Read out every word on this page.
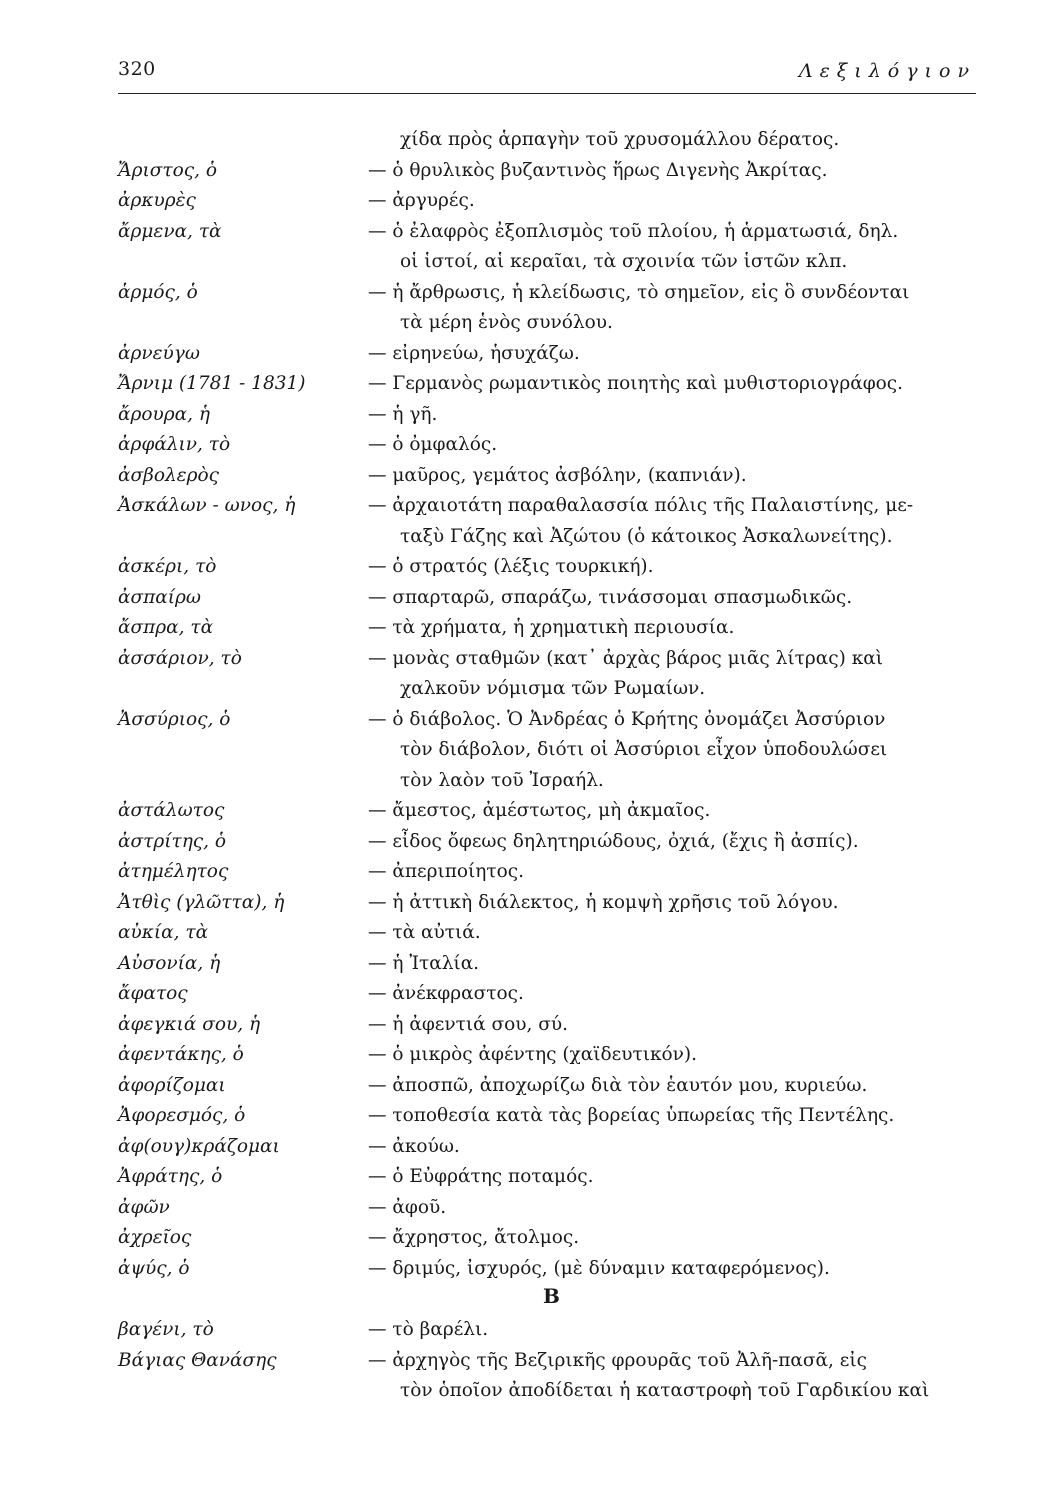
320	Λεξιλόγιον
χίδα πρὸς ἁρπαγὴν τοῦ χρυσομάλλου δέρατος.
Ἄριστος, ὁ	— ὁ θρυλικὸς βυζαντινὸς ἥρως Διγενὴς Ἀκρίτας.
ἀρκυρὲς	— ἀργυρές.
ἄρμενα, τὰ	— ὁ ἐλαφρὸς ἐξοπλισμὸς τοῦ πλοίου, ἡ ἁρματωσιά, δηλ.
οἱ ἱστοί, αἱ κεραῖαι, τὰ σχοινία τῶν ἱστῶν κλπ.
ἁρμός, ὁ	— ἡ ἄρθρωσις, ἡ κλείδωσις, τὸ σημεῖον, εἰς ὃ συνδέονται
τὰ μέρη ἑνὸς συνόλου.
ἀρνεύγω	— εἰρηνεύω, ἡσυχάζω.
Ἄρνιμ (1781 - 1831)	— Γερμανὸς ρωμαντικὸς ποιητὴς καὶ μυθιστοριογράφος.
ἄρουρα, ἡ	— ἡ γῆ.
ἀρφάλιν, τὸ	— ὁ ὀμφαλός.
ἀσβολερὸς	— μαῦρος, γεμάτος ἀσβόλην, (καπνιάν).
Ἀσκάλων - ωνος, ἡ	— ἀρχαιοτάτη παραθαλασσία πόλις τῆς Παλαιστίνης, με-
ταξὺ Γάζης καὶ Ἀζώτου (ὁ κάτοικος Ἀσκαλωνείτης).
ἀσκέρι, τὸ	— ὁ στρατός (λέξις τουρκική).
ἀσπαίρω	— σπαρταρῶ, σπαράζω, τινάσσομαι σπασμωδικῶς.
ἄσπρα, τὰ	— τὰ χρήματα, ἡ χρηματικὴ περιουσία.
ἀσσάριον, τὸ	— μονὰς σταθμῶν (κατ᾿ ἀρχὰς βάρος μιᾶς λίτρας) καὶ
χαλκοῦν νόμισμα τῶν Ρωμαίων.
Ἀσσύριος, ὁ	— ὁ διάβολος. Ὁ Ἀνδρέας ὁ Κρήτης ὀνομάζει Ἀσσύριον
τὸν διάβολον, διότι οἱ Ἀσσύριοι εἶχον ὑποδουλώσει
τὸν λαὸν τοῦ Ἰσραήλ.
ἀστάλωτος	— ἄμεστος, ἀμέστωτος, μὴ ἀκμαῖος.
ἀστρίτης, ὁ	— εἶδος ὄφεως δηλητηριώδους, ὀχιά, (ἔχις ἢ ἀσπίς).
ἀτημέλητος	— ἀπεριποίητος.
Ἀτθὶς (γλῶττα), ἡ	— ἡ ἀττικὴ διάλεκτος, ἡ κομψὴ χρῆσις τοῦ λόγου.
αὐκία, τὰ	— τὰ αὐτιά.
Αὐσονία, ἡ	— ἡ Ἰταλία.
ἄφατος	— ἀνέκφραστος.
ἀφεγκιά σου, ἡ	— ἡ ἀφεντιά σου, σύ.
ἀφεντάκης, ὁ	— ὁ μικρὸς ἀφέντης (χαϊδευτικόν).
ἀφορίζομαι	— ἀποσπῶ, ἀποχωρίζω διὰ τὸν ἑαυτόν μου, κυριεύω.
Ἀφορεσμός, ὁ	— τοποθεσία κατὰ τὰς βορείας ὑπωρείας τῆς Πεντέλης.
ἀφ(ουγ)κράζομαι	— ἀκούω.
Ἀφράτης, ὁ	— ὁ Εὐφράτης ποταμός.
ἀφῶν	— ἀφοῦ.
ἀχρεῖος	— ἄχρηστος, ἄτολμος.
ἀψύς, ὁ	— δριμύς, ἰσχυρός, (μὲ δύναμιν καταφερόμενος).
Β
βαγένι, τὸ	— τὸ βαρέλι.
Βάγιας Θανάσης	— ἀρχηγὸς τῆς Βεζιρικῆς φρουρᾶς τοῦ Ἀλῆ-πασᾶ, εἰς
τὸν ὁποῖον ἀποδίδεται ἡ καταστροφὴ τοῦ Γαρδικίου καὶ
